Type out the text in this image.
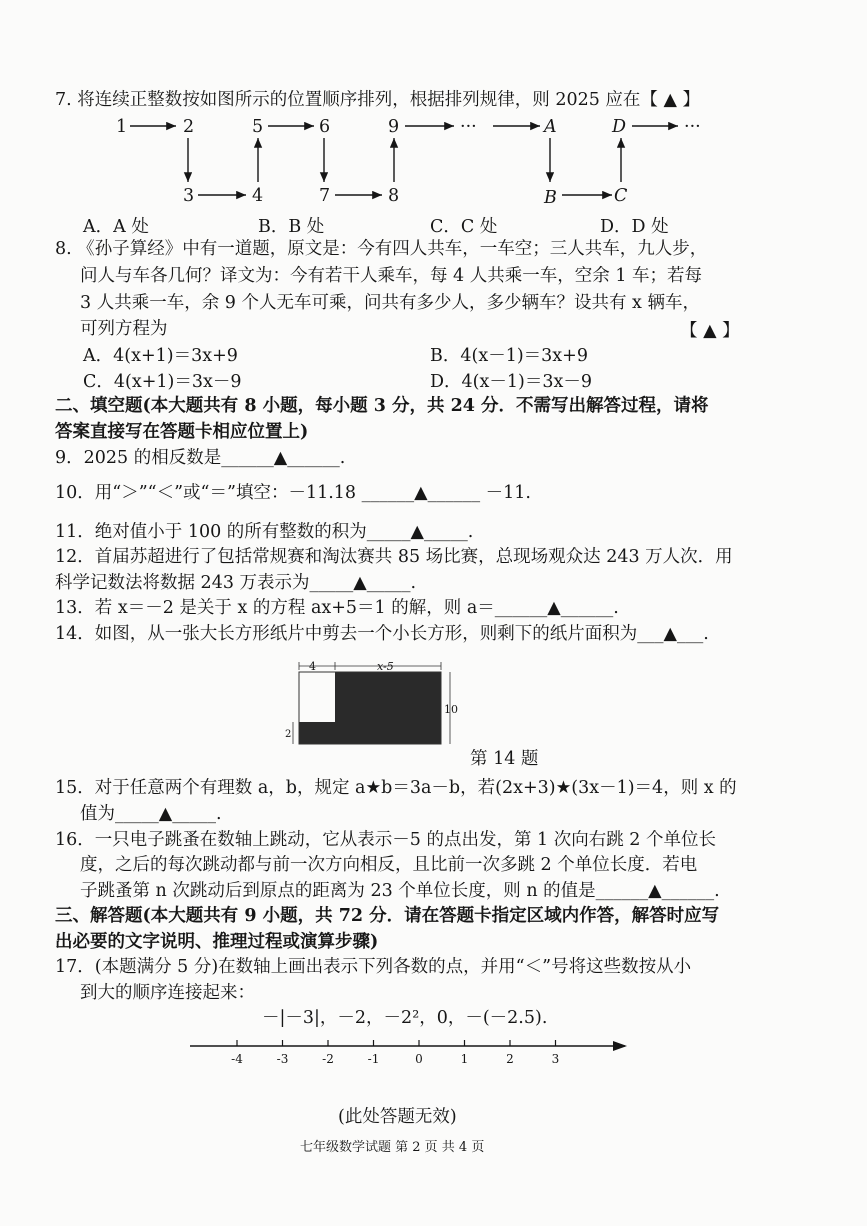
7. 将连续正整数按如图所示的位置顺序排列，根据排列规律，则 2025 应在【 ▲ 】
1	2
3	4
5	6
7	8
9	···	A
B	C
D	···
A．A 处	B．B 处	C．C 处	D．D 处
8. 《孙子算经》中有一道题，原文是：今有四人共车，一车空；三人共车，九人步，
问人与车各几何？译文为：今有若干人乘车，每 4 人共乘一车，空余 1 车；若每
3 人共乘一车，余 9 个人无车可乘，问共有多少人，多少辆车？设共有 x 辆车，
可列方程为	【 ▲ 】
A．4(x+1)＝3x+9	B．4(x－1)＝3x+9
C．4(x+1)＝3x－9	D．4(x－1)＝3x－9
二、填空题(本大题共有 8 小题，每小题 3 分，共 24 分．不需写出解答过程，请将
答案直接写在答题卡相应位置上)
9．2025 的相反数是______▲______.
10．用“＞”“＜”或“＝”填空：－11.18 ______▲______ －11.
11．绝对值小于 100 的所有整数的积为_____▲_____.
12．首届苏超进行了包括常规赛和淘汰赛共 85 场比赛，总现场观众达 243 万人次．用
科学记数法将数据 243 万表示为_____▲_____.
13．若 x＝－2 是关于 x 的方程 ax+5＝1 的解，则 a＝______▲______.
14．如图，从一张大长方形纸片中剪去一个小长方形，则剩下的纸片面积为___▲___.
4	x-5
10
2
第 14 题
15．对于任意两个有理数 a，b，规定 a★b＝3a－b，若(2x+3)★(3x－1)＝4，则 x 的
值为_____▲_____.
16．一只电子跳蚤在数轴上跳动，它从表示－5 的点出发，第 1 次向右跳 2 个单位长
度，之后的每次跳动都与前一次方向相反，且比前一次多跳 2 个单位长度．若电
子跳蚤第 n 次跳动后到原点的距离为 23 个单位长度，则 n 的值是______▲______.
三、解答题(本大题共有 9 小题，共 72 分．请在答题卡指定区域内作答，解答时应写
出必要的文字说明、推理过程或演算步骤)
17．(本题满分 5 分)在数轴上画出表示下列各数的点，并用“＜”号将这些数按从小
到大的顺序连接起来：
－|－3|，－2，－2²，0，－(－2.5).
-4	-3	-2	-1	0	1	2	3
(此处答题无效)
七年级数学试题 第 2 页 共 4 页
